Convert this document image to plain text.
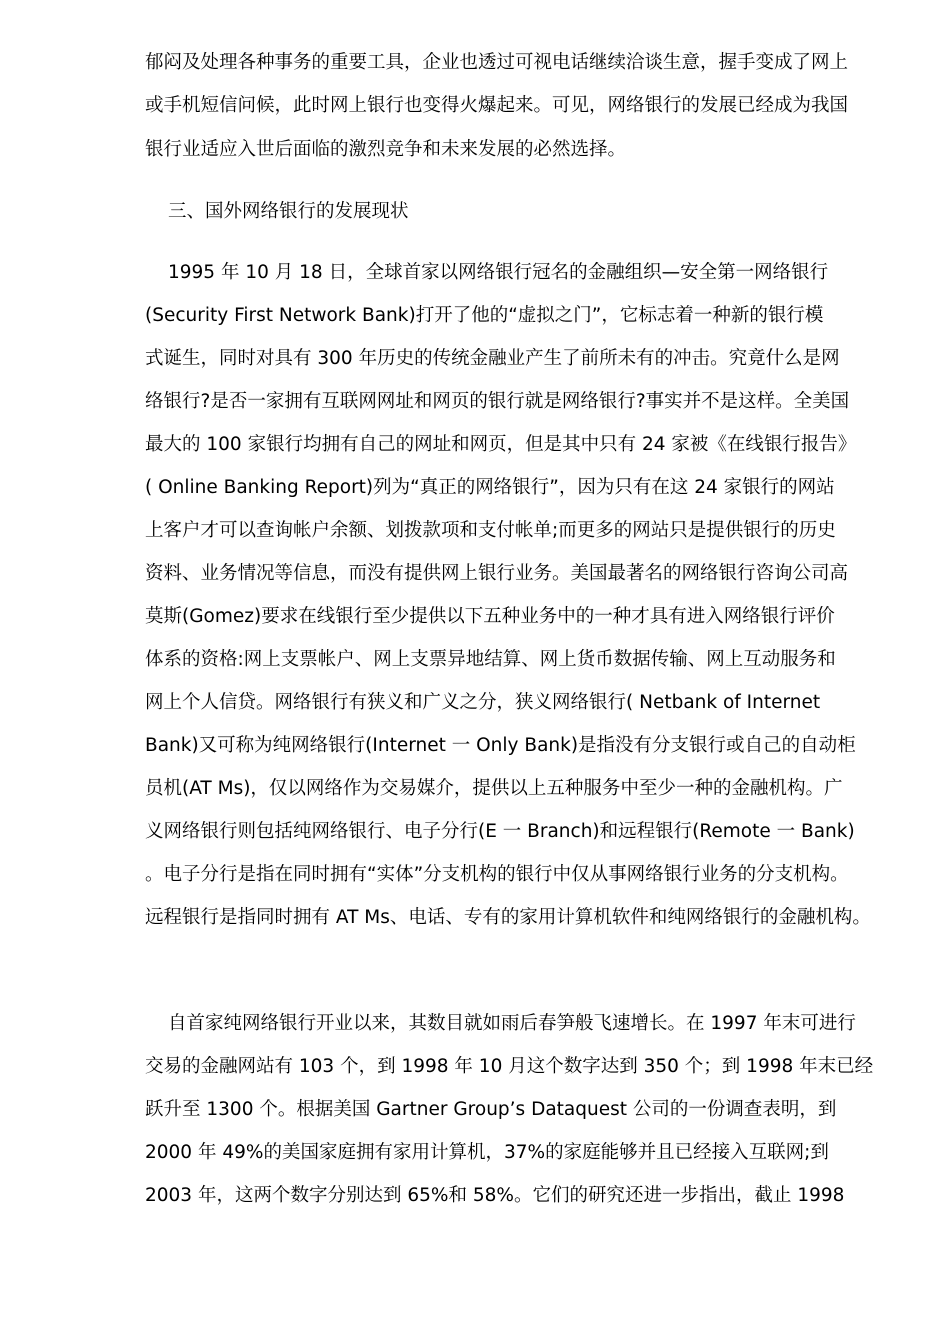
郁闷及处理各种事务的重要工具，企业也透过可视电话继续洽谈生意，握手变成了网上
或手机短信问候，此时网上银行也变得火爆起来。可见，网络银行的发展已经成为我国
银行业适应入世后面临的激烈竞争和未来发展的必然选择。
三、国外网络银行的发展现状
1995 年 10 月 18 日，全球首家以网络银行冠名的金融组织—安全第一网络银行
(Security First Network Bank)打开了他的“虚拟之门”，它标志着一种新的银行模
式诞生，同时对具有 300 年历史的传统金融业产生了前所未有的冲击。究竟什么是网
络银行?是否一家拥有互联网网址和网页的银行就是网络银行?事实并不是这样。全美国
最大的 100 家银行均拥有自己的网址和网页，但是其中只有 24 家被《在线银行报告》
( Online Banking Report)列为“真正的网络银行”，因为只有在这 24 家银行的网站
上客户才可以查询帐户余额、划拨款项和支付帐单;而更多的网站只是提供银行的历史
资料、业务情况等信息，而没有提供网上银行业务。美国最著名的网络银行咨询公司高
莫斯(Gomez)要求在线银行至少提供以下五种业务中的一种才具有进入网络银行评价
体系的资格:网上支票帐户、网上支票异地结算、网上货币数据传输、网上互动服务和
网上个人信贷。网络银行有狭义和广义之分，狭义网络银行( Netbank of Internet
Bank)又可称为纯网络银行(Internet 一 Only Bank)是指没有分支银行或自己的自动柜
员机(AT Ms)，仅以网络作为交易媒介，提供以上五种服务中至少一种的金融机构。广
义网络银行则包括纯网络银行、电子分行(E 一 Branch)和远程银行(Remote 一 Bank)
。电子分行是指在同时拥有“实体”分支机构的银行中仅从事网络银行业务的分支机构。
远程银行是指同时拥有 AT Ms、电话、专有的家用计算机软件和纯网络银行的金融机构。
自首家纯网络银行开业以来，其数目就如雨后春笋般飞速增长。在 1997 年末可进行
交易的金融网站有 103 个，到 1998 年 10 月这个数字达到 350 个；到 1998 年末已经
跃升至 1300 个。根据美国 Gartner Group’s Dataquest 公司的一份调查表明，到
2000 年 49%的美国家庭拥有家用计算机，37%的家庭能够并且已经接入互联网;到
2003 年，这两个数字分别达到 65%和 58%。它们的研究还进一步指出，截止 1998
